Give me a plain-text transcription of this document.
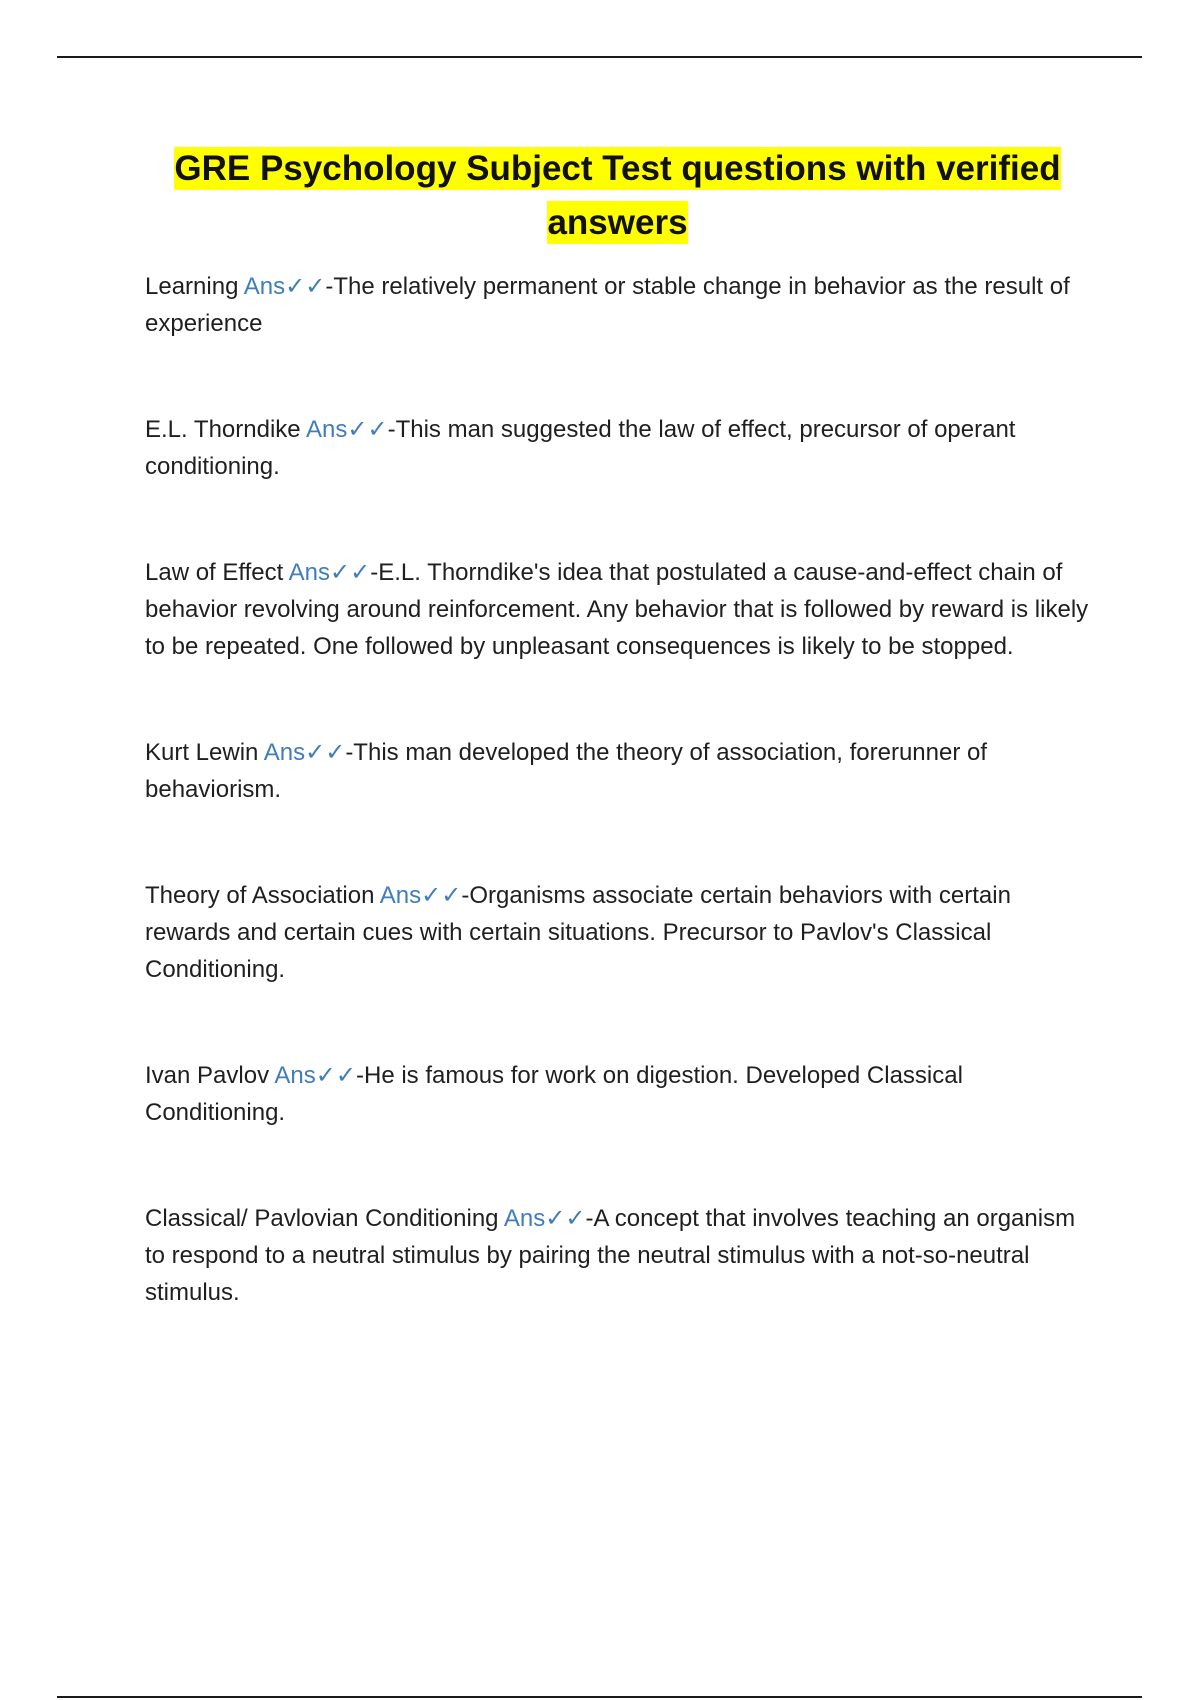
GRE Psychology Subject Test questions with verified
answers

Learning Ans✓✓-The relatively permanent or stable change in behavior as the result of experience

E.L. Thorndike Ans✓✓-This man suggested the law of effect, precursor of operant conditioning.

Law of Effect Ans✓✓-E.L. Thorndike's idea that postulated a cause-and-effect chain of behavior revolving around reinforcement. Any behavior that is followed by reward is likely to be repeated. One followed by unpleasant consequences is likely to be stopped.

Kurt Lewin Ans✓✓-This man developed the theory of association, forerunner of behaviorism.

Theory of Association Ans✓✓-Organisms associate certain behaviors with certain rewards and certain cues with certain situations. Precursor to Pavlov's Classical Conditioning.

Ivan Pavlov Ans✓✓-He is famous for work on digestion. Developed Classical Conditioning.

Classical/ Pavlovian Conditioning Ans✓✓-A concept that involves teaching an organism to respond to a neutral stimulus by pairing the neutral stimulus with a not-so-neutral stimulus.
